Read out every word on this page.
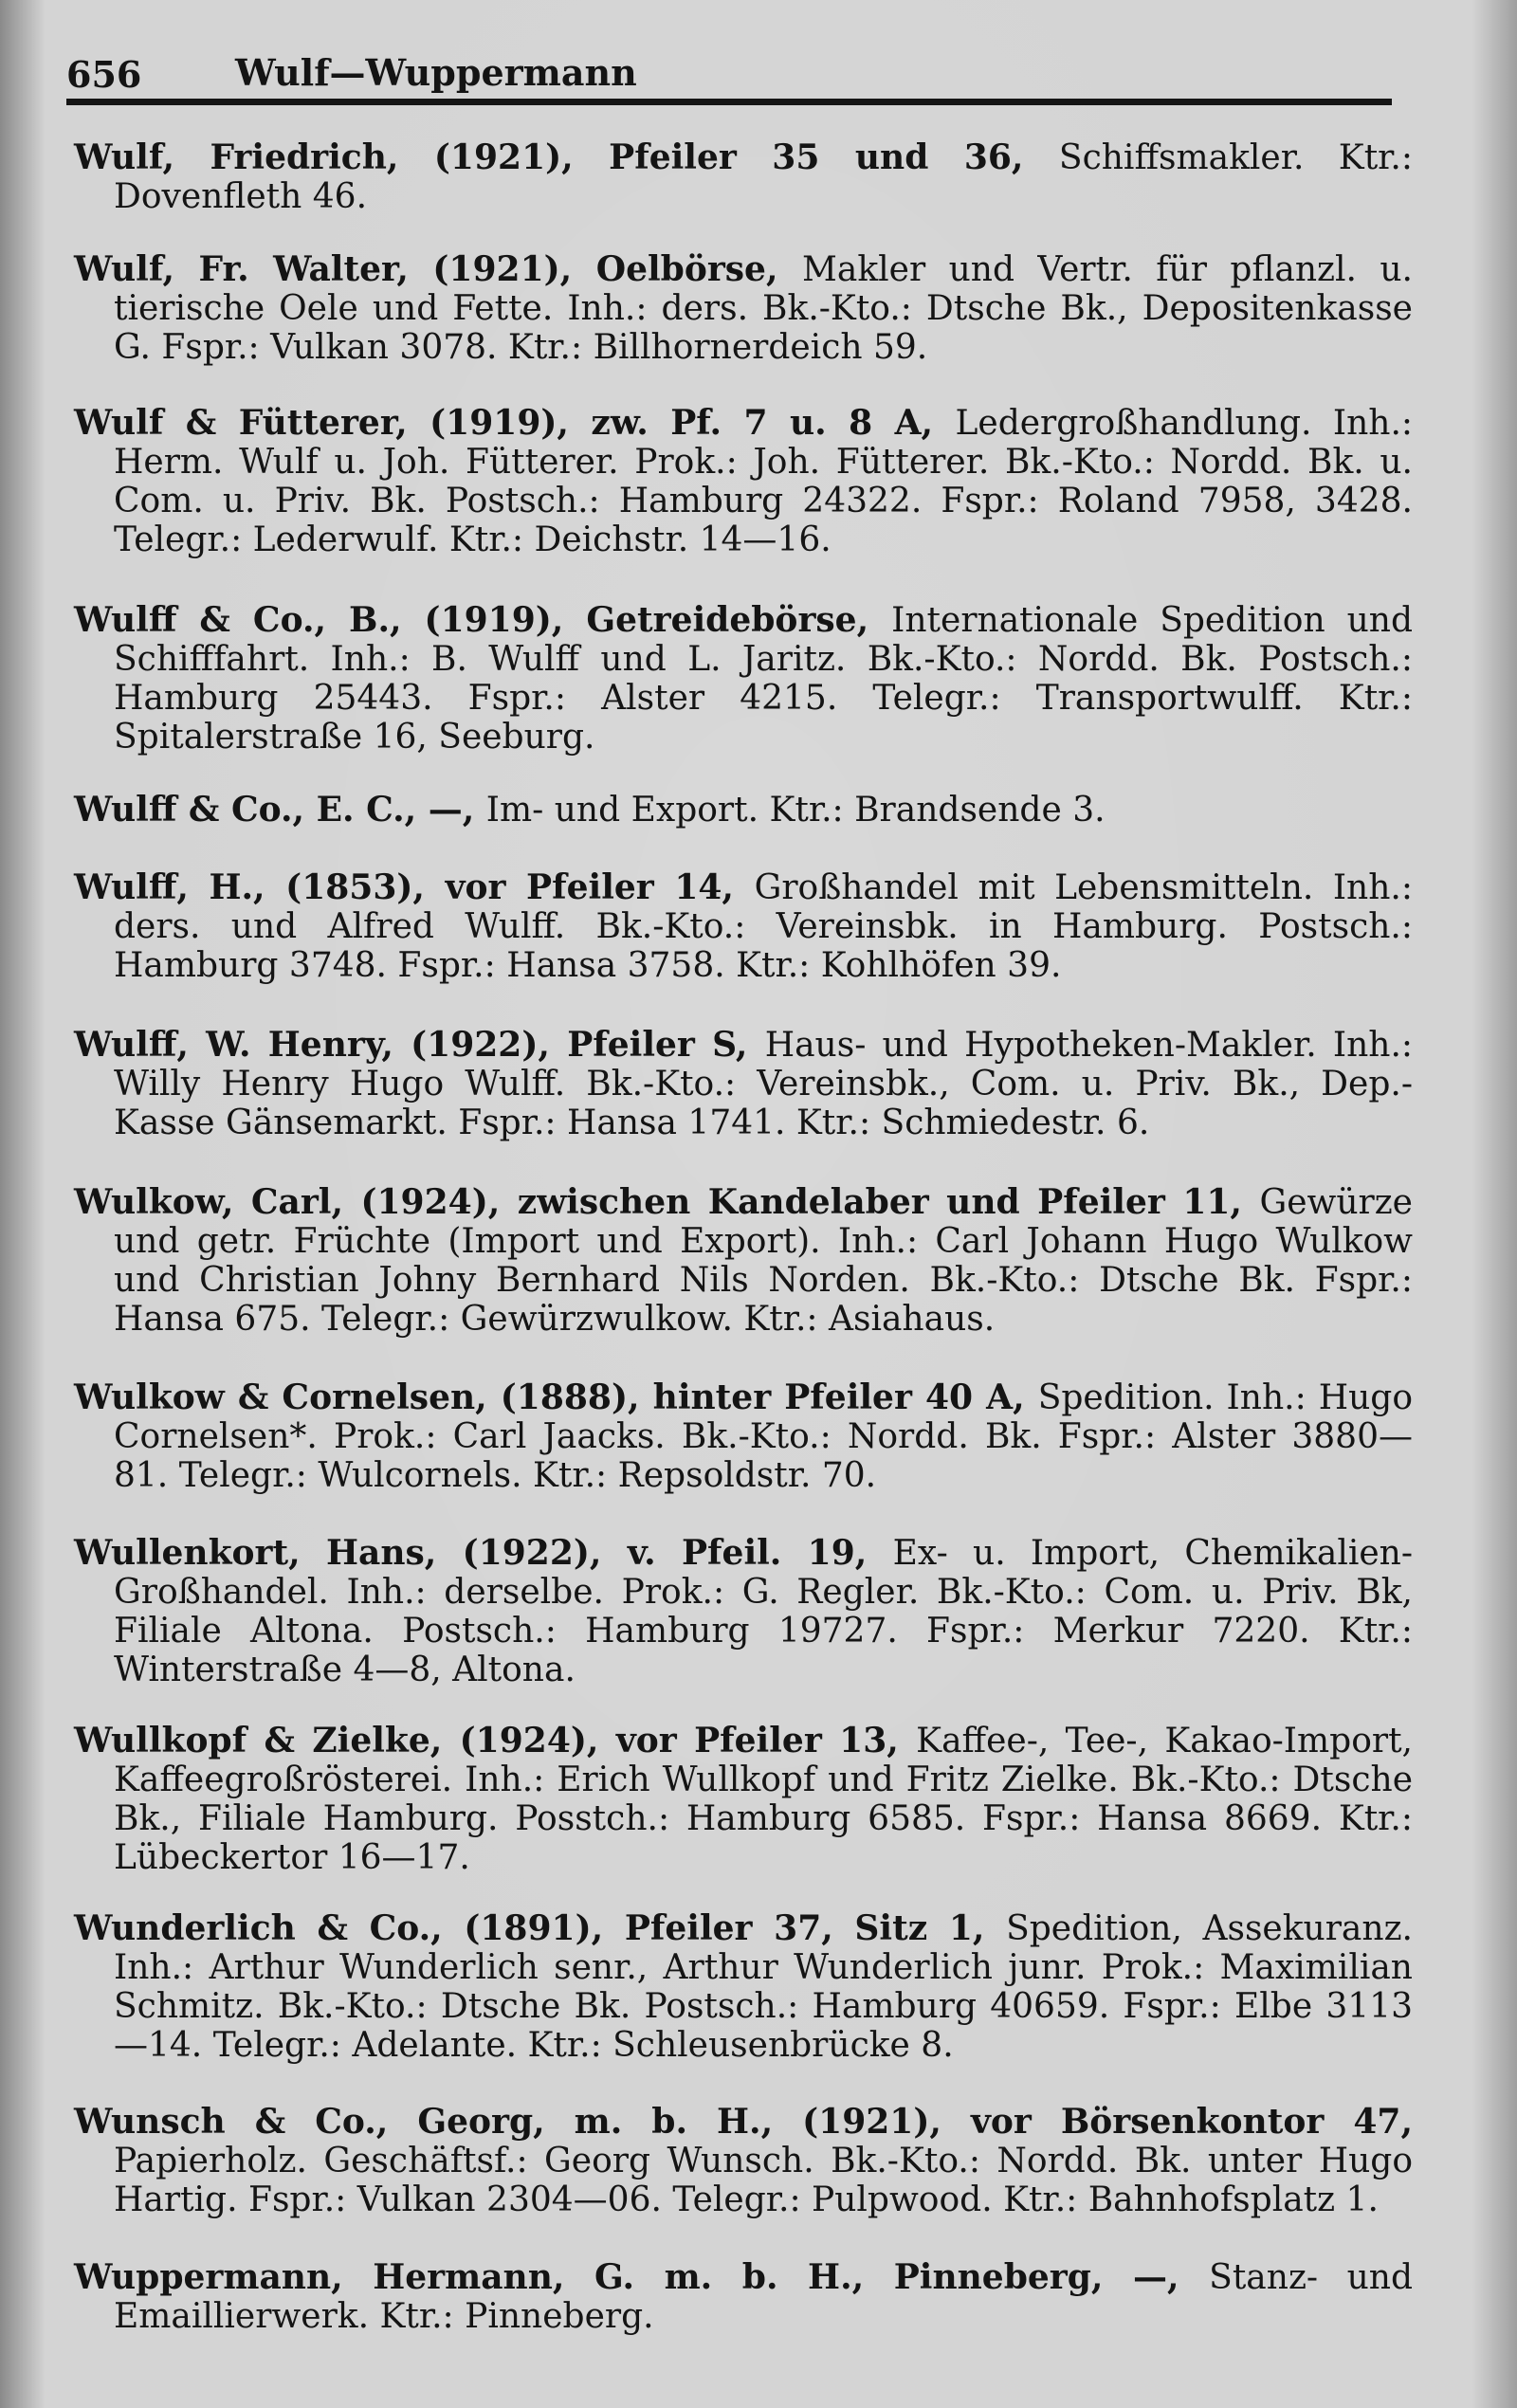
656	Wulf—Wuppermann

Wulf, Friedrich, (1921), Pfeiler 35 und 36, Schiffsmakler. Ktr.: Dovenfleth 46.

Wulf, Fr. Walter, (1921), Oelbörse, Makler und Vertr. für pflanzl. u. tierische Oele und Fette. Inh.: ders. Bk.-Kto.: Dtsche Bk., Depositenkasse G. Fspr.: Vulkan 3078. Ktr.: Billhornerdeich 59.

Wulf & Fütterer, (1919), zw. Pf. 7 u. 8 A, Ledergroßhandlung. Inh.: Herm. Wulf u. Joh. Fütterer. Prok.: Joh. Fütterer. Bk.-Kto.: Nordd. Bk. u. Com. u. Priv. Bk. Postsch.: Hamburg 24322. Fspr.: Roland 7958, 3428. Telegr.: Lederwulf. Ktr.: Deichstr. 14—16.

Wulff & Co., B., (1919), Getreidebörse, Internationale Spedition und Schifffahrt. Inh.: B. Wulff und L. Jaritz. Bk.-Kto.: Nordd. Bk. Postsch.: Hamburg 25443. Fspr.: Alster 4215. Telegr.: Transportwulff. Ktr.: Spitalerstraße 16, Seeburg.

Wulff & Co., E. C., —, Im- und Export. Ktr.: Brandsende 3.

Wulff, H., (1853), vor Pfeiler 14, Großhandel mit Lebensmitteln. Inh.: ders. und Alfred Wulff. Bk.-Kto.: Vereinsbk. in Hamburg. Postsch.: Hamburg 3748. Fspr.: Hansa 3758. Ktr.: Kohlhöfen 39.

Wulff, W. Henry, (1922), Pfeiler S, Haus- und Hypotheken-Makler. Inh.: Willy Henry Hugo Wulff. Bk.-Kto.: Vereinsbk., Com. u. Priv. Bk., Dep.-Kasse Gänsemarkt. Fspr.: Hansa 1741. Ktr.: Schmiedestr. 6.

Wulkow, Carl, (1924), zwischen Kandelaber und Pfeiler 11, Gewürze und getr. Früchte (Import und Export). Inh.: Carl Johann Hugo Wulkow und Christian Johny Bernhard Nils Norden. Bk.-Kto.: Dtsche Bk. Fspr.: Hansa 675. Telegr.: Gewürzwulkow. Ktr.: Asiahaus.

Wulkow & Cornelsen, (1888), hinter Pfeiler 40 A, Spedition. Inh.: Hugo Cornelsen*. Prok.: Carl Jaacks. Bk.-Kto.: Nordd. Bk. Fspr.: Alster 3880—81. Telegr.: Wulcornels. Ktr.: Repsoldstr. 70.

Wullenkort, Hans, (1922), v. Pfeil. 19, Ex- u. Import, Chemikalien-Großhandel. Inh.: derselbe. Prok.: G. Regler. Bk.-Kto.: Com. u. Priv. Bk, Filiale Altona. Postsch.: Hamburg 19727. Fspr.: Merkur 7220. Ktr.: Winterstraße 4—8, Altona.

Wullkopf & Zielke, (1924), vor Pfeiler 13, Kaffee-, Tee-, Kakao-Import, Kaffeegroßrösterei. Inh.: Erich Wullkopf und Fritz Zielke. Bk.-Kto.: Dtsche Bk., Filiale Hamburg. Posstch.: Hamburg 6585. Fspr.: Hansa 8669. Ktr.: Lübeckertor 16—17.

Wunderlich & Co., (1891), Pfeiler 37, Sitz 1, Spedition, Assekuranz. Inh.: Arthur Wunderlich senr., Arthur Wunderlich junr. Prok.: Maximilian Schmitz. Bk.-Kto.: Dtsche Bk. Postsch.: Hamburg 40659. Fspr.: Elbe 3113—14. Telegr.: Adelante. Ktr.: Schleusenbrücke 8.

Wunsch & Co., Georg, m. b. H., (1921), vor Börsenkontor 47, Papierholz. Geschäftsf.: Georg Wunsch. Bk.-Kto.: Nordd. Bk. unter Hugo Hartig. Fspr.: Vulkan 2304—06. Telegr.: Pulpwood. Ktr.: Bahnhofsplatz 1.

Wuppermann, Hermann, G. m. b. H., Pinneberg, —, Stanz- und Emaillierwerk. Ktr.: Pinneberg.
